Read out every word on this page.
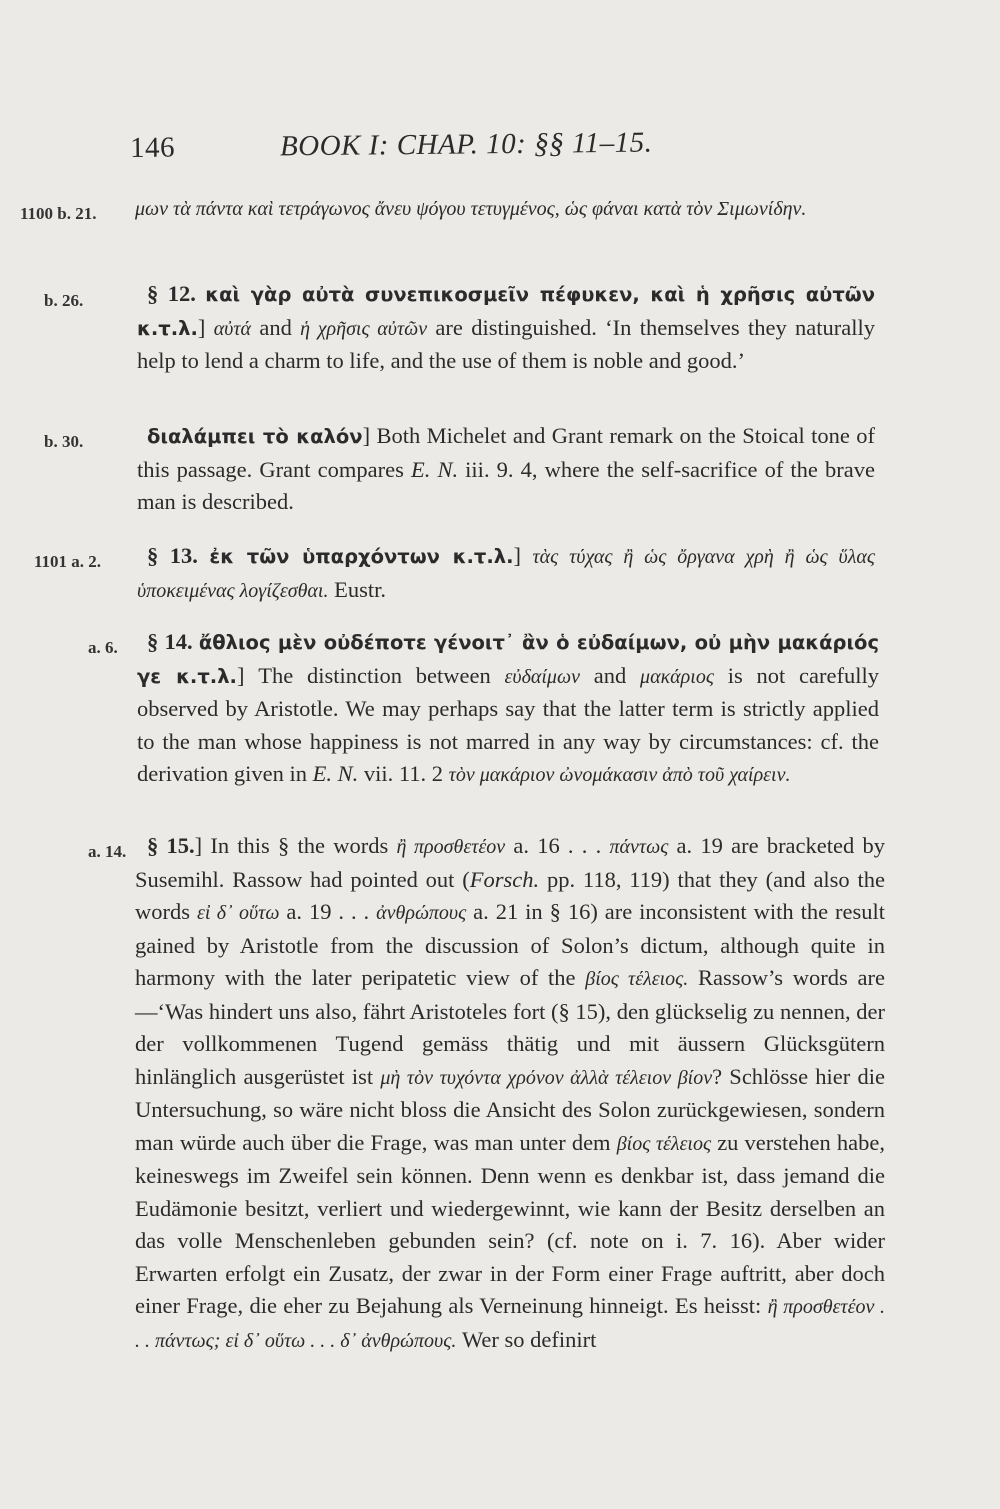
146	BOOK I: CHAP. 10: §§ 11–15.
1100 b. 21. μων τὰ πάντα καὶ τετράγωνος ἄνευ ψόγου τετυγμένος, ὡς φάναι κατὰ τὸν Σιμωνίδην.
b. 26.	§ 12. καὶ γὰρ αὐτὰ συνεπικοσμεῖν πέφυκεν, καὶ ἡ χρῆσις αὐτῶν κ.τ.λ.] αὐτά and ἡ χρῆσις αὐτῶν are distinguished. ‘In themselves they naturally help to lend a charm to life, and the use of them is noble and good.’
b. 30.	διαλάμπει τὸ καλόν] Both Michelet and Grant remark on the Stoical tone of this passage. Grant compares E. N. iii. 9. 4, where the self-sacrifice of the brave man is described.
1101 a. 2.	§ 13. ἐκ τῶν ὑπαρχόντων κ.τ.λ.] τὰς τύχας ἢ ὡς ὄργανα χρὴ ἢ ὡς ὕλας ὑποκειμένας λογίζεσθαι. Eustr.
a. 6.	§ 14. ἄθλιος μὲν οὐδέποτε γένοιτ᾽ ἂν ὁ εὐδαίμων, οὐ μὴν μακάριός γε κ.τ.λ.] The distinction between εὐδαίμων and μακάριος is not carefully observed by Aristotle. We may perhaps say that the latter term is strictly applied to the man whose happiness is not marred in any way by circumstances: cf. the derivation given in E. N. vii. 11. 2 τὸν μακάριον ὠνομάκασιν ἀπὸ τοῦ χαίρειν.
a. 14. § 15.] In this § the words ἢ προσθετέον a. 16 . . . πάντως a. 19 are bracketed by Susemihl. Rassow had pointed out (Forsch. pp. 118, 119) that they (and also the words εἰ δ᾽ οὕτω a. 19 . . . ἀνθρώπους a. 21 in § 16) are inconsistent with the result gained by Aristotle from the discussion of Solon’s dictum, although quite in harmony with the later peripatetic view of the βίος τέλειος. Rassow’s words are—‘Was hindert uns also, fährt Aristoteles fort (§ 15), den glückselig zu nennen, der der vollkommenen Tugend gemäss thätig und mit äussern Glücksgütern hinlänglich ausgerüstet ist μὴ τὸν τυχόντα χρόνον ἀλλὰ τέλειον βίον? Schlösse hier die Untersuchung, so wäre nicht bloss die Ansicht des Solon zurückgewiesen, sondern man würde auch über die Frage, was man unter dem βίος τέλειος zu verstehen habe, keineswegs im Zweifel sein können. Denn wenn es denkbar ist, dass jemand die Eudämonie besitzt, verliert und wiedergewinnt, wie kann der Besitz derselben an das volle Menschenleben gebunden sein? (cf. note on i. 7. 16). Aber wider Erwarten erfolgt ein Zusatz, der zwar in der Form einer Frage auftritt, aber doch einer Frage, die eher zu Bejahung als Verneinung hinneigt. Es heisst: ἢ προσθετέον . . . πάντως; εἰ δ᾽ οὕτω . . . δ᾽ ἀνθρώπους. Wer so definirt
